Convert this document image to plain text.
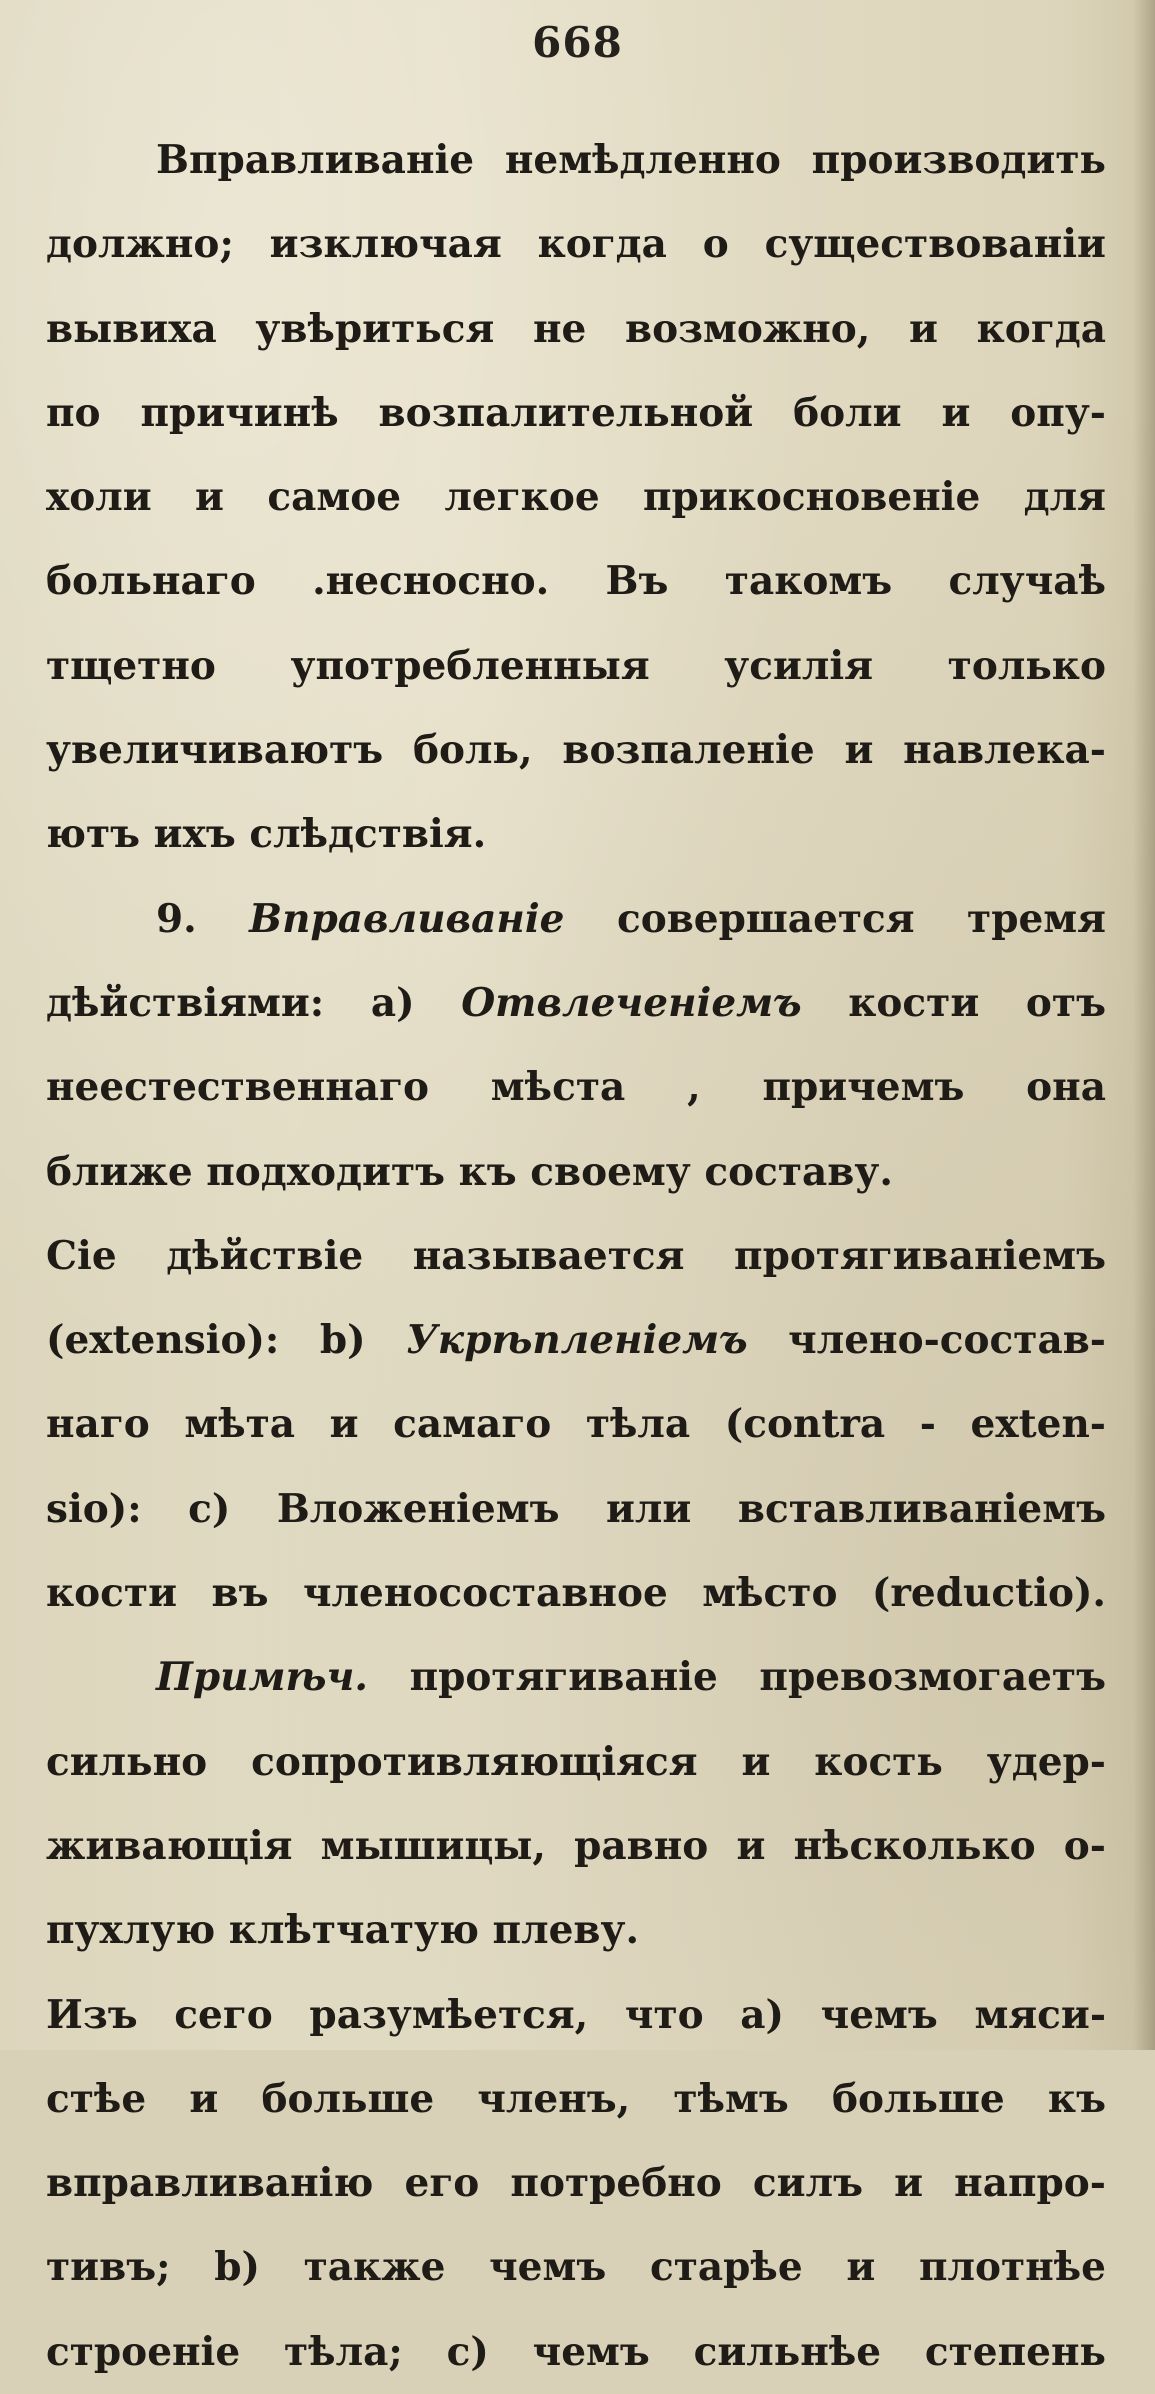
668
Вправливаніе немѣдленно производить
должно; изключая когда о существованіи
вывиха увѣриться не возможно, и когда
по причинѣ возпалительной боли и опу-
холи и самое легкое прикосновеніе для
больнаго .несносно. Въ такомъ случаѣ
тщетно употребленныя усилія только
увеличиваютъ боль, возпаленіе и навлека-
ютъ ихъ слѣдствія.
9. Вправливаніе совершается тремя
дѣйствіями: a) Отвлеченіемъ кости отъ
неестественнаго мѣста , причемъ она
ближе подходитъ къ своему составу.
Сіе дѣйствіе называется протягиваніемъ
(extensio): b) Укрѣпленіемъ члено-состав-
наго мѣта и самаго тѣла (contra - exten-
sio): c) Вложеніемъ или вставливаніемъ
кости въ членосоставное мѣсто (reductio).
Примѣч. протягиваніе превозмогаетъ
сильно сопротивляющіяся и кость удер-
живающія мышицы, равно и нѣсколько о-
пухлую клѣтчатую плеву.
Изъ сего разумѣется, что a) чемъ мяси-
стѣе и больше членъ, тѣмъ больше къ
вправливанію его потребно силъ и напро-
тивъ; b) также чемъ старѣе и плотнѣе
строеніе тѣла; c) чемъ сильнѣе степень
